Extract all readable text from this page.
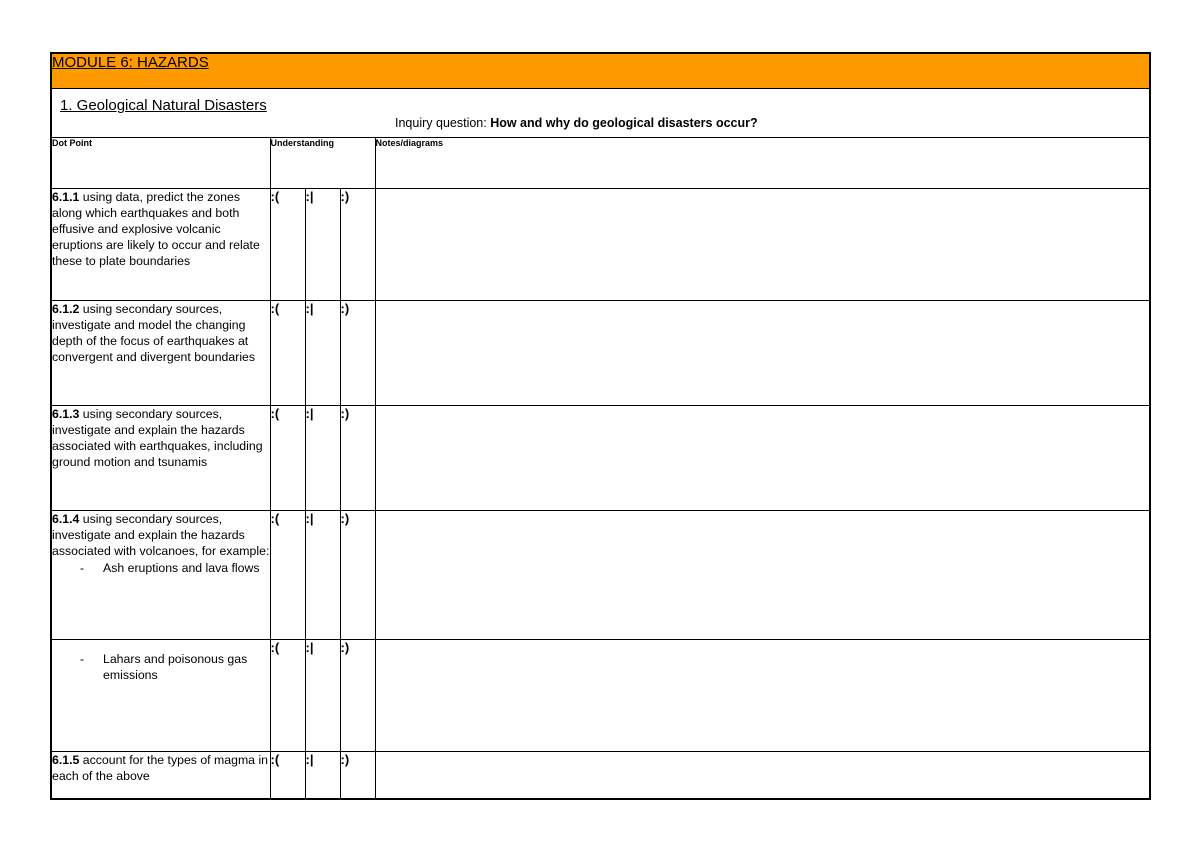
MODULE 6: HAZARDS				

1. Geological Natural Disasters
Inquiry question: How and why do geological disasters occur?				

Dot Point	Understanding			Notes/diagrams
6.1.1 using data, predict the zones along which earthquakes and both effusive and explosive volcanic eruptions are likely to occur and relate these to plate boundaries	:(	:|	:)	
6.1.2 using secondary sources, investigate and model the changing depth of the focus of earthquakes at convergent and divergent boundaries	:(	:|	:)	
6.1.3 using secondary sources, investigate and explain the hazards associated with earthquakes, including ground motion and tsunamis	:(	:|	:)	
6.1.4 using secondary sources, investigate and explain the hazards associated with volcanoes, for example:
- Ash eruptions and lava flows	:(	:|	:)	

- Lahars and poisonous gas emissions	:(	:|	:)	
6.1.5 account for the types of magma in each of the above	:(	:|	:)	
